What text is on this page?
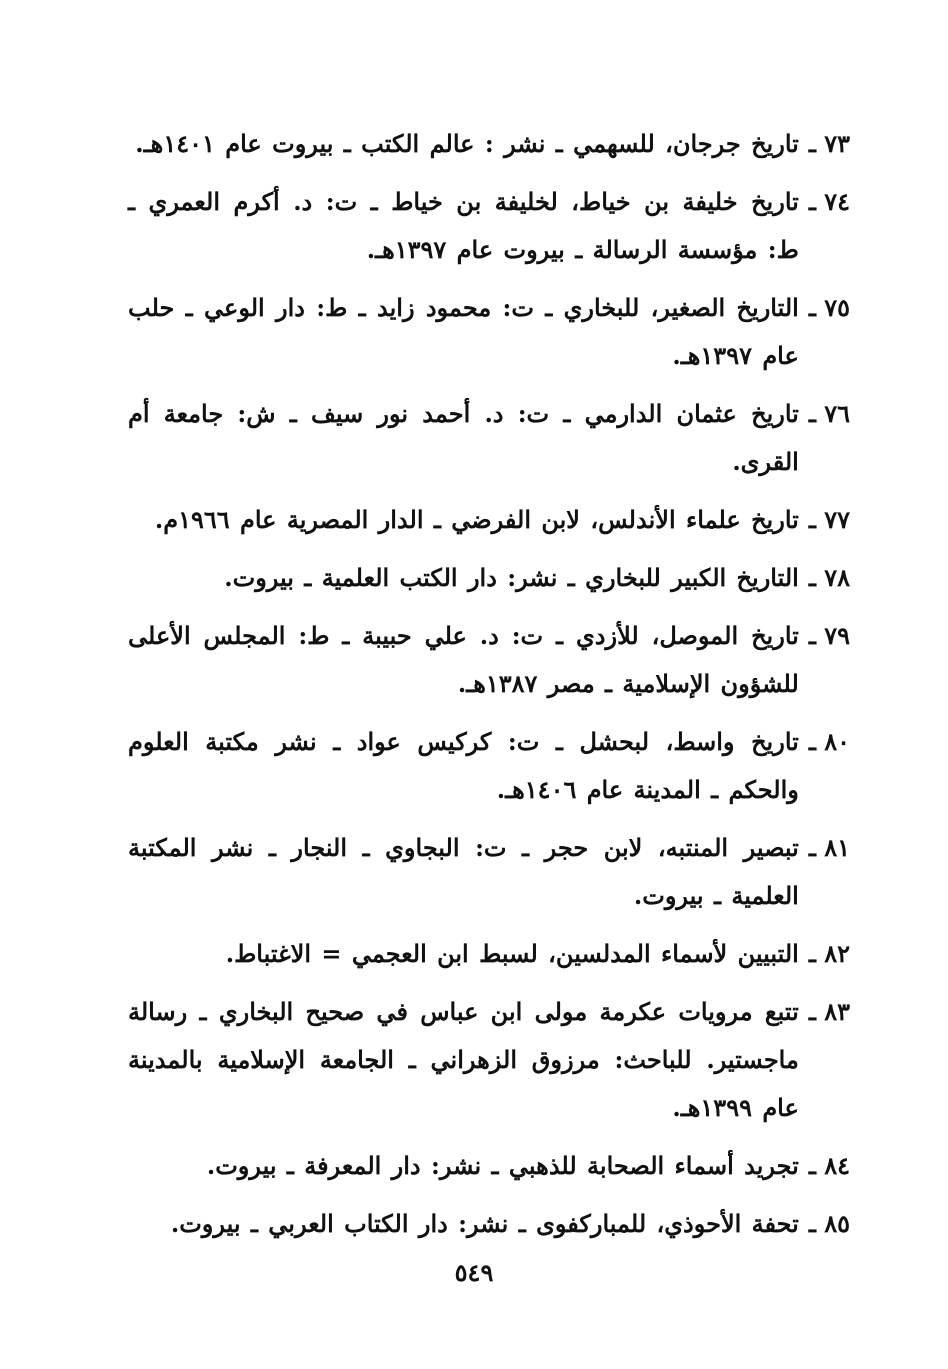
٧٣ ـ
تاريخ جرجان، للسهمي ـ نشر : عالم الكتب ـ بيروت عام ١٤٠١هـ.
٧٤ ـ
تاريخ خليفة بن خياط، لخليفة بن خياط ـ ت: د. أكرم العمري ـ ط: مؤسسة الرسالة ـ بيروت عام ١٣٩٧هـ.
٧٥ ـ
التاريخ الصغير، للبخاري ـ ت: محمود زايد ـ ط: دار الوعي ـ حلب عام ١٣٩٧هـ.
٧٦ ـ
تاريخ عثمان الدارمي ـ ت: د. أحمد نور سيف ـ ش: جامعة أم القرى.
٧٧ ـ
تاريخ علماء الأندلس، لابن الفرضي ـ الدار المصرية عام ١٩٦٦م.
٧٨ ـ
التاريخ الكبير للبخاري ـ نشر: دار الكتب العلمية ـ بيروت.
٧٩ ـ
تاريخ الموصل، للأزدي ـ ت: د. علي حبيبة ـ ط: المجلس الأعلى للشؤون الإسلامية ـ مصر ١٣٨٧هـ.
٨٠ ـ
تاريخ واسط، لبحشل ـ ت: كركيس عواد ـ نشر مكتبة العلوم والحكم ـ المدينة عام ١٤٠٦هـ.
٨١ ـ
تبصير المنتبه، لابن حجر ـ ت: البجاوي ـ النجار ـ نشر المكتبة العلمية ـ بيروت.
٨٢ ـ
التبيين لأسماء المدلسين، لسبط ابن العجمي = الاغتباط.
٨٣ ـ
تتبع مرويات عكرمة مولى ابن عباس في صحيح البخاري ـ رسالة ماجستير. للباحث: مرزوق الزهراني ـ الجامعة الإسلامية بالمدينة عام ١٣٩٩هـ.
٨٤ ـ
تجريد أسماء الصحابة للذهبي ـ نشر: دار المعرفة ـ بيروت.
٨٥ ـ
تحفة الأحوذي، للمباركفوى ـ نشر: دار الكتاب العربي ـ بيروت.
٥٤٩
